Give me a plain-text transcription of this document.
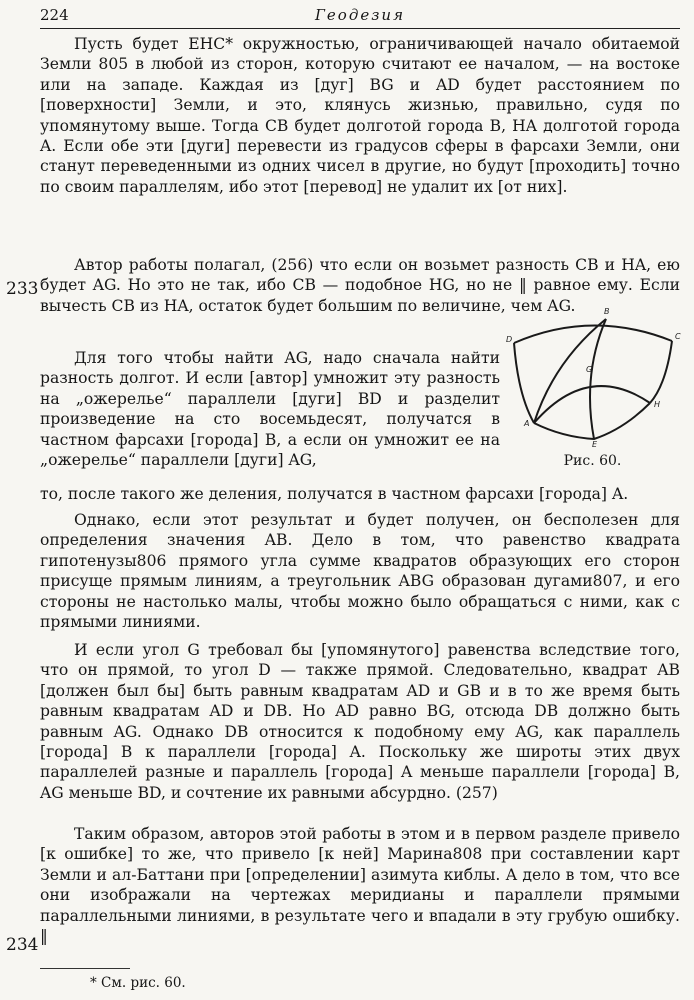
224	Геодезия

Пусть будет EHC* окружностью, ограничивающей начало обитаемой Земли 805 в любой из сторон, которую считают ее началом, — на востоке или на западе. Каждая из [дуг] BG и AD будет расстоянием по [поверхности] Земли, и это, клянусь жизнью, правильно, судя по упомянутому выше. Тогда CB будет долготой города B, HA долготой города A. Если обе эти [дуги] перевести из градусов сферы в фарсахи Земли, они станут переведенными из одних чисел в другие, но будут [проходить] точно по своим параллелям, ибо этот [перевод] не удалит их [от них].

233

Автор работы полагал, (256) что если он возьмет разность CB и HA, ею будет AG. Но это не так, ибо CB — подобное HG, но не ‖ равное ему. Если вычесть CB из HA, остаток будет большим по величине, чем AG.

Для того чтобы найти AG, надо сначала найти разность долгот. И если [автор] умножит эту разность на „ожерелье“ параллели [дуги] BD и разделит произведение на сто восемьдесят, получатся в частном фарсахи [города] B, а если он умножит ее на „ожерелье“ параллели [дуги] AG,

то, после такого же деления, получатся в частном фарсахи [города] A.

D
B
C
G
A
H
E
Рис. 60.

Однако, если этот результат и будет получен, он бесполезен для определения значения AB. Дело в том, что равенство квадрата гипотенузы806 прямого угла сумме квадратов образующих его сторон присуще прямым линиям, а треугольник ABG образован дугами807, и его стороны не настолько малы, чтобы можно было обращаться с ними, как с прямыми линиями.

И если угол G требовал бы [упомянутого] равенства вследствие того, что он прямой, то угол D — также прямой. Следовательно, квадрат AB [должен был бы] быть равным квадратам AD и GB и в то же время быть равным квадратам AD и DB. Но AD равно BG, отсюда DB должно быть равным AG. Однако DB относится к подобному ему AG, как параллель [города] B к параллели [города] A. Поскольку же широты этих двух параллелей разные и параллель [города] A меньше параллели [города] B, AG меньше BD, и сочтение их равными абсурдно. (257)

234

Таким образом, авторов этой работы в этом и в первом разделе привело [к ошибке] то же, что привело [к ней] Марина808 при составлении карт Земли и ал-Баттани при [определении] азимута киблы. А дело в том, что все они изображали на чертежах меридианы и параллели прямыми параллельными линиями, в результате чего и впадали в эту грубую ошибку. ‖

* См. рис. 60.
